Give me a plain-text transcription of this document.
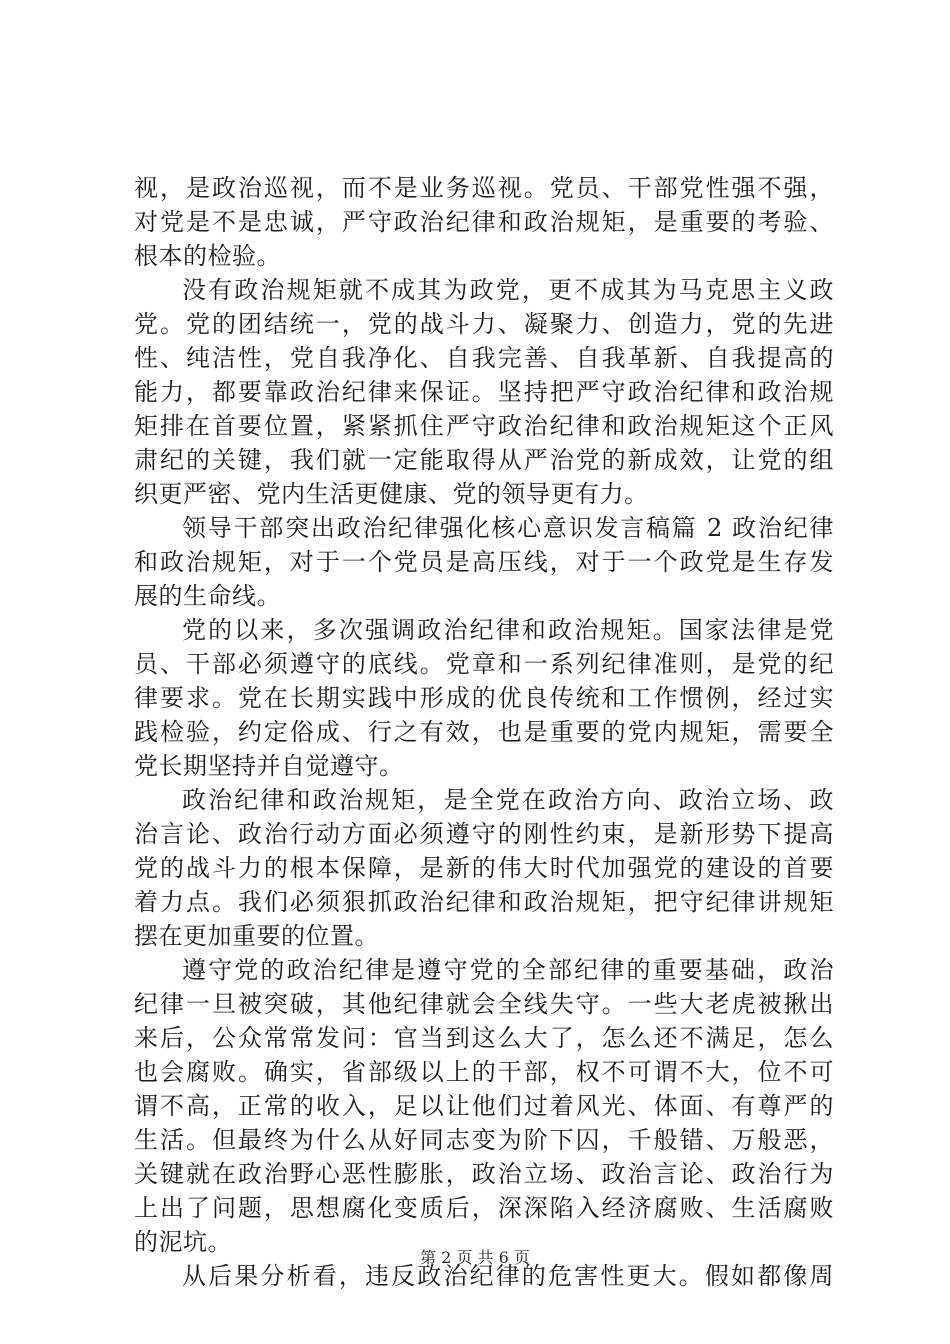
视，是政治巡视，而不是业务巡视。党员、干部党性强不强，
对党是不是忠诚，严守政治纪律和政治规矩，是重要的考验、
根本的检验。
没有政治规矩就不成其为政党，更不成其为马克思主义政
党。党的团结统一，党的战斗力、凝聚力、创造力，党的先进
性、纯洁性，党自我净化、自我完善、自我革新、自我提高的
能力，都要靠政治纪律来保证。坚持把严守政治纪律和政治规
矩排在首要位置，紧紧抓住严守政治纪律和政治规矩这个正风
肃纪的关键，我们就一定能取得从严治党的新成效，让党的组
织更严密、党内生活更健康、党的领导更有力。
领导干部突出政治纪律强化核心意识发言稿篇 2 政治纪律
和政治规矩，对于一个党员是高压线，对于一个政党是生存发
展的生命线。
党的以来，多次强调政治纪律和政治规矩。国家法律是党
员、干部必须遵守的底线。党章和一系列纪律准则，是党的纪
律要求。党在长期实践中形成的优良传统和工作惯例，经过实
践检验，约定俗成、行之有效，也是重要的党内规矩，需要全
党长期坚持并自觉遵守。
政治纪律和政治规矩，是全党在政治方向、政治立场、政
治言论、政治行动方面必须遵守的刚性约束，是新形势下提高
党的战斗力的根本保障，是新的伟大时代加强党的建设的首要
着力点。我们必须狠抓政治纪律和政治规矩，把守纪律讲规矩
摆在更加重要的位置。
遵守党的政治纪律是遵守党的全部纪律的重要基础，政治
纪律一旦被突破，其他纪律就会全线失守。一些大老虎被揪出
来后，公众常常发问：官当到这么大了，怎么还不满足，怎么
也会腐败。确实，省部级以上的干部，权不可谓不大，位不可
谓不高，正常的收入，足以让他们过着风光、体面、有尊严的
生活。但最终为什么从好同志变为阶下囚，千般错、万般恶，
关键就在政治野心恶性膨胀，政治立场、政治言论、政治行为
上出了问题，思想腐化变质后，深深陷入经济腐败、生活腐败
的泥坑。
从后果分析看，违反政治纪律的危害性更大。假如都像周
第 2 页 共 6 页
